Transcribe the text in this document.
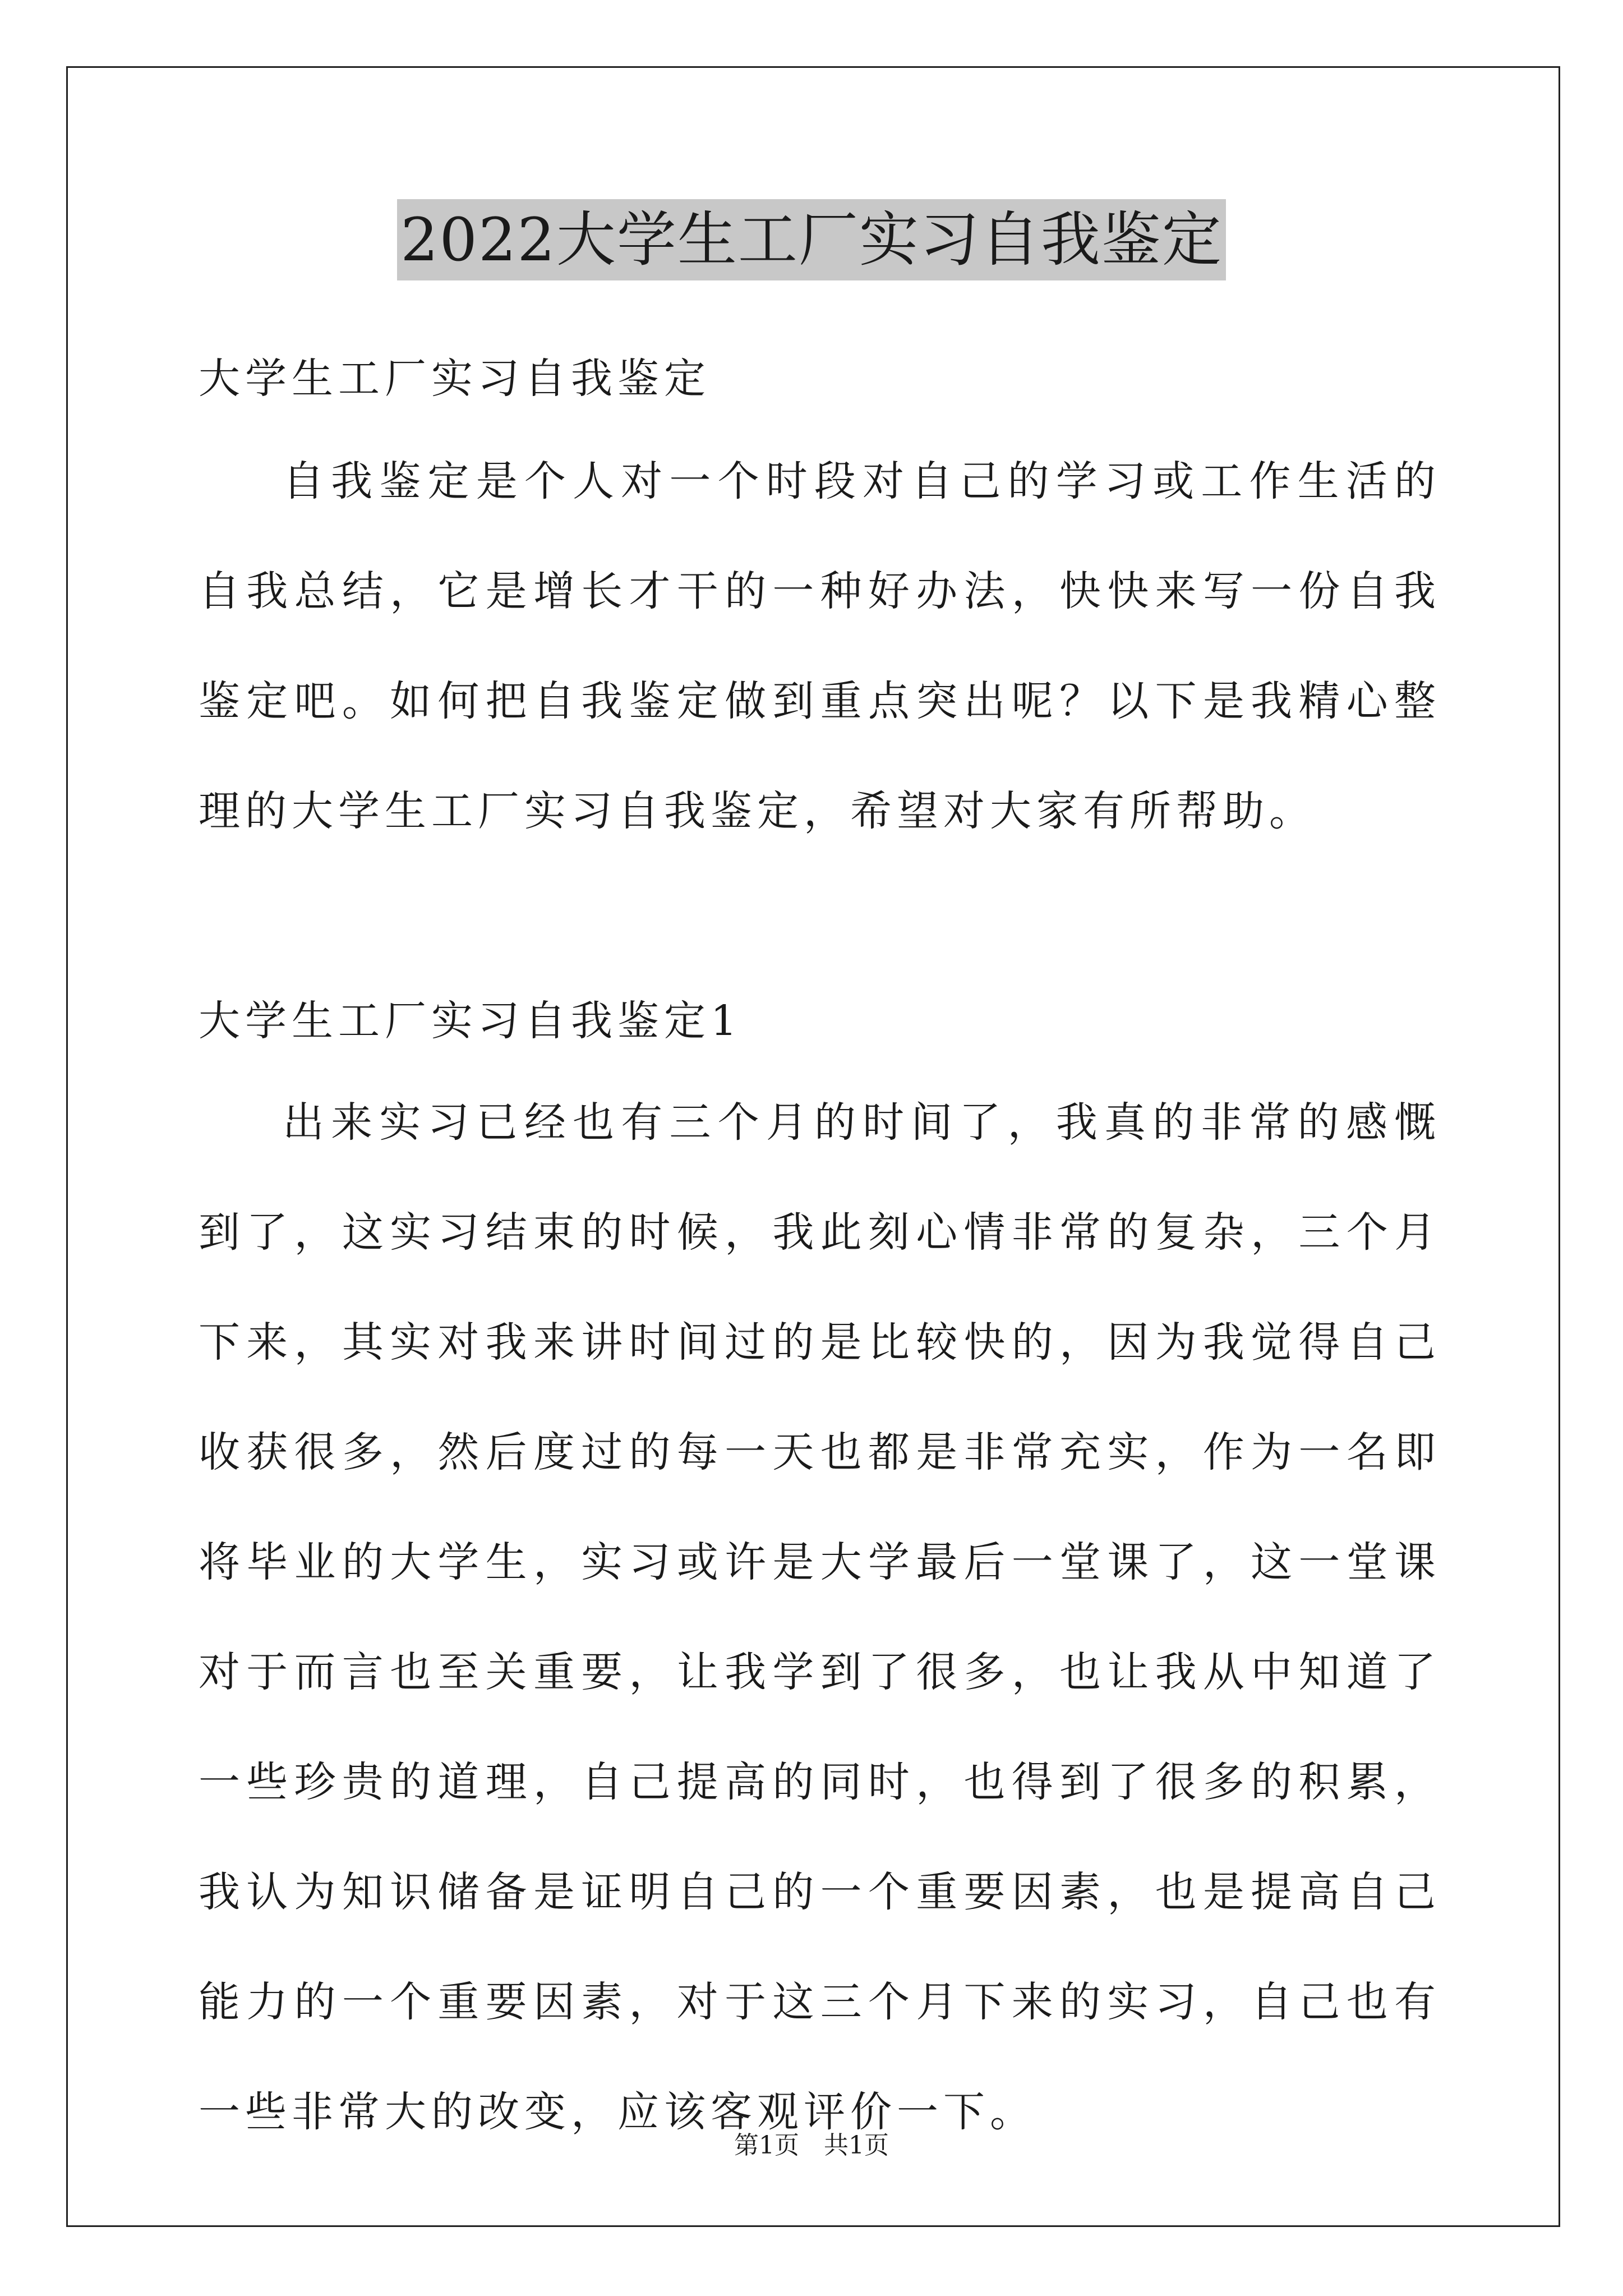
2022大学生工厂实习自我鉴定
大学生工厂实习自我鉴定
自我鉴定是个人对一个时段对自己的学习或工作生活的自我总结，它是增长才干的一种好办法，快快来写一份自我鉴定吧。如何把自我鉴定做到重点突出呢？以下是我精心整理的大学生工厂实习自我鉴定，希望对大家有所帮助。
大学生工厂实习自我鉴定1
出来实习已经也有三个月的时间了，我真的非常的感慨到了，这实习结束的时候，我此刻心情非常的复杂，三个月下来，其实对我来讲时间过的是比较快的，因为我觉得自己收获很多，然后度过的每一天也都是非常充实，作为一名即将毕业的大学生，实习或许是大学最后一堂课了，这一堂课对于而言也至关重要，让我学到了很多，也让我从中知道了一些珍贵的道理，自己提高的同时，也得到了很多的积累，我认为知识储备是证明自己的一个重要因素，也是提高自己能力的一个重要因素，对于这三个月下来的实习，自己也有一些非常大的改变，应该客观评价一下。
第1页　共1页
